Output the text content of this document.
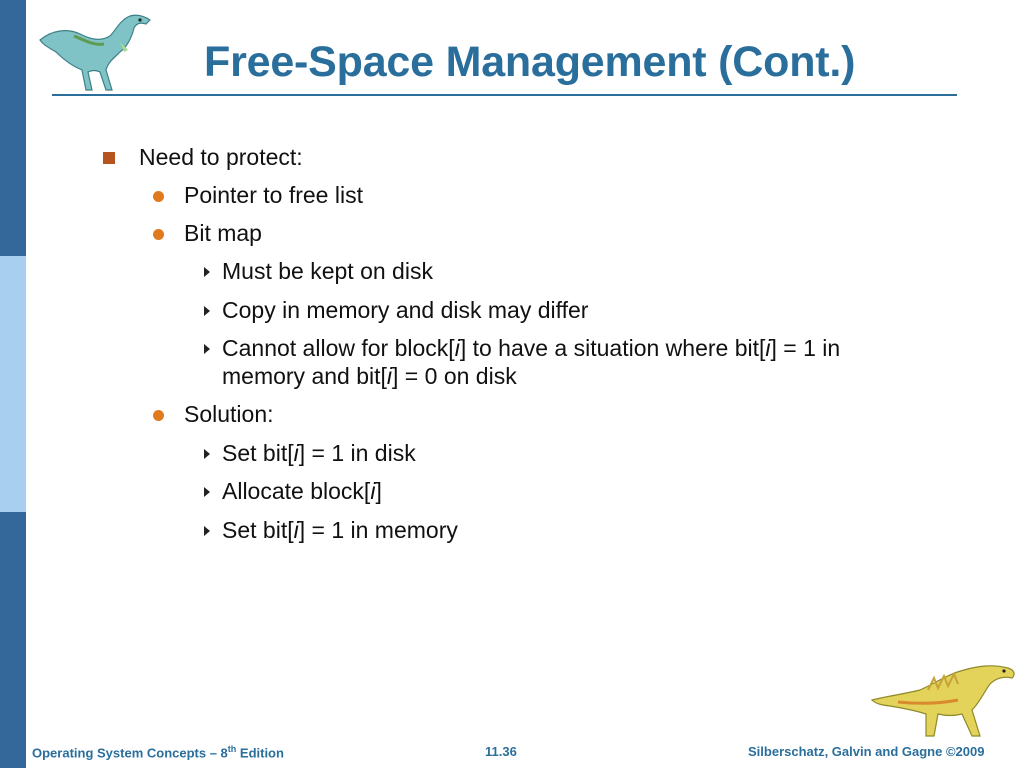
Free-Space Management (Cont.)
Need to protect:
Pointer to free list
Bit map
Must be kept on disk
Copy in memory and disk may differ
Cannot allow for block[i] to have a situation where bit[i] = 1 in
memory and bit[i] = 0 on disk
Solution:
Set bit[i] = 1 in disk
Allocate block[i]
Set bit[i] = 1 in memory
Operating System Concepts – 8th Edition	11.36	Silberschatz, Galvin and Gagne ©2009
